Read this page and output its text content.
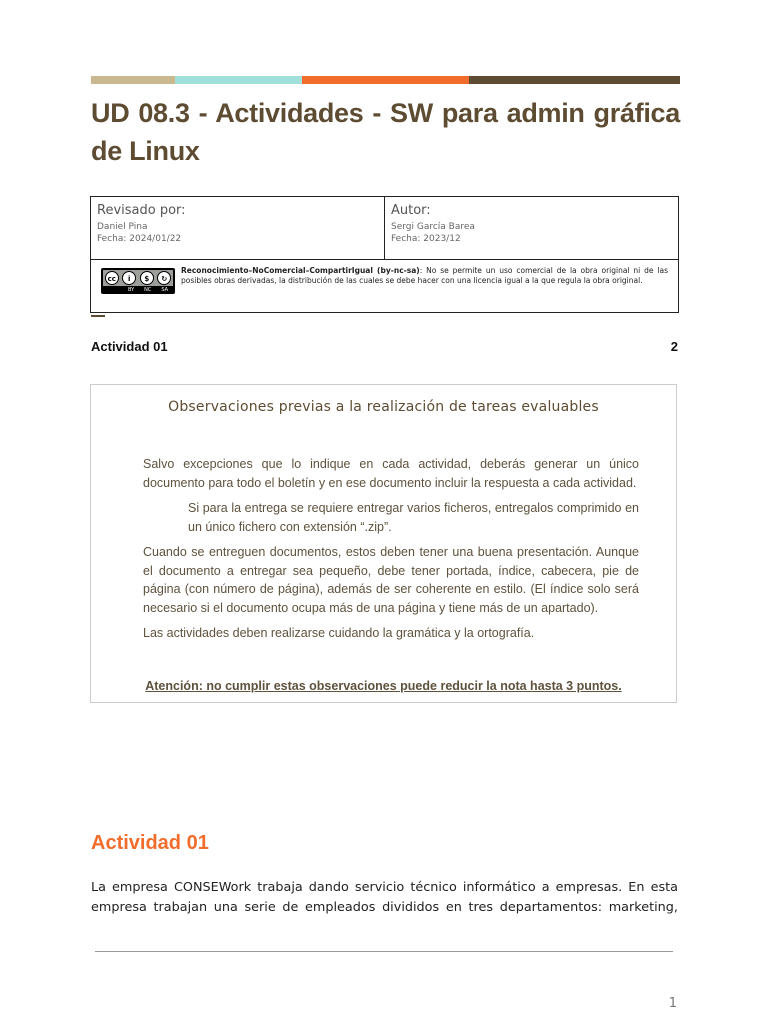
UD 08.3 - Actividades - SW para admin gráfica de Linux
Revisado por:
Daniel Pina
Fecha: 2024/01/22

Autor:
Sergi García Barea
Fecha: 2023/12

cc	i	$	↻
BY NC SA
Reconocimiento–NoComercial–CompartirIgual (by-nc-sa): No se permite un uso comercial de la obra original ni de las posibles obras derivadas, la distribución de las cuales se debe hacer con una licencia igual a la que regula la obra original.
Actividad 01	2
Observaciones previas a la realización de tareas evaluables

Salvo excepciones que lo indique en cada actividad, deberás generar un único documento para todo el boletín y en ese documento incluir la respuesta a cada actividad.

Si para la entrega se requiere entregar varios ficheros, entregalos comprimido en un único fichero con extensión “.zip”.

Cuando se entreguen documentos, estos deben tener una buena presentación. Aunque el documento a entregar sea pequeño, debe tener portada, índice, cabecera, pie de página (con número de página), además de ser coherente en estilo. (El índice solo será necesario si el documento ocupa más de una página y tiene más de un apartado).

Las actividades deben realizarse cuidando la gramática y la ortografía.

Atención: no cumplir estas observaciones puede reducir la nota hasta 3 puntos.
Actividad 01

La empresa CONSEWork trabaja dando servicio técnico informático a empresas. En esta empresa trabajan una serie de empleados divididos en tres departamentos: marketing,

1
